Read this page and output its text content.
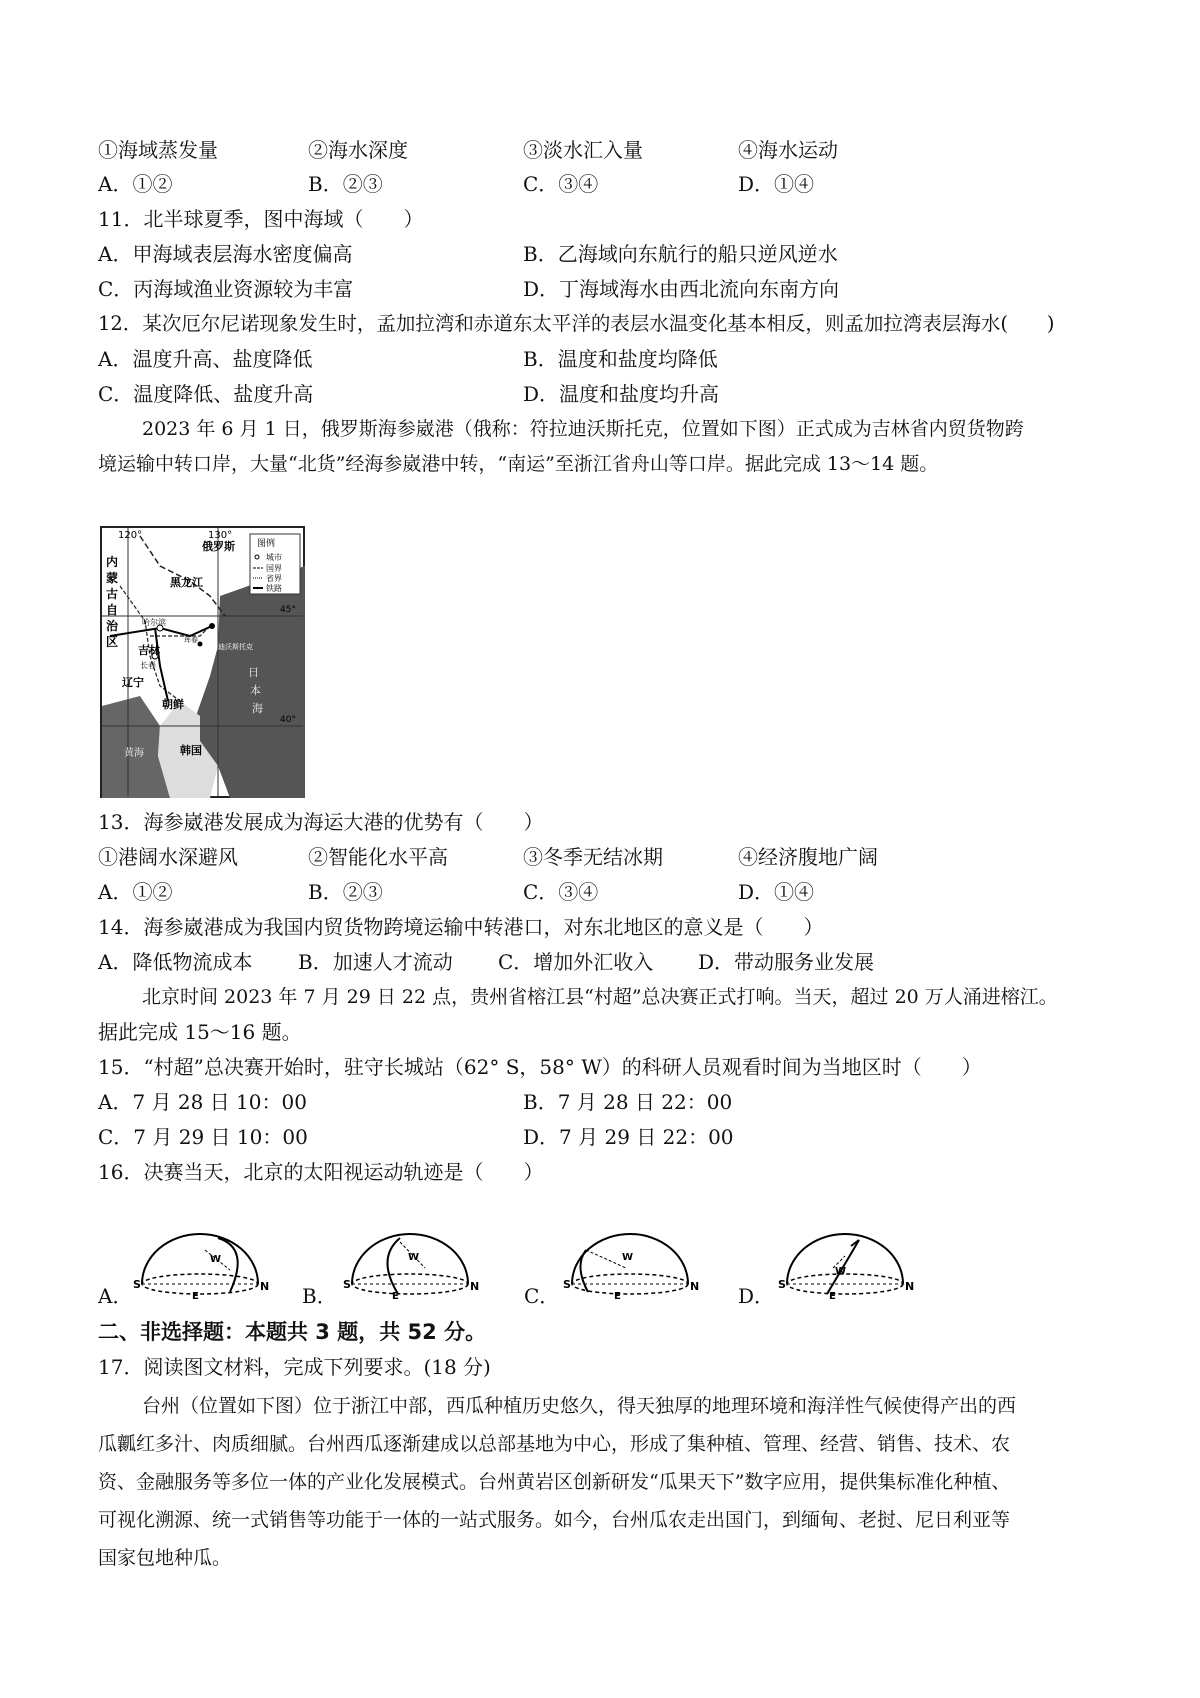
①海域蒸发量	②海水深度	③淡水汇入量	④海水运动
A．①②	B．②③	C．③④	D．①④
11．北半球夏季，图中海域（　　）
A．甲海域表层海水密度偏高	B．乙海域向东航行的船只逆风逆水
C．丙海域渔业资源较为丰富	D．丁海域海水由西北流向东南方向
12．某次厄尔尼诺现象发生时，孟加拉湾和赤道东太平洋的表层水温变化基本相反，则孟加拉湾表层海水(　　)
A．温度升高、盐度降低	B．温度和盐度均降低
C．温度降低、盐度升高	D．温度和盐度均升高
2023 年 6 月 1 日，俄罗斯海参崴港（俄称：符拉迪沃斯托克，位置如下图）正式成为吉林省内贸货物跨
境运输中转口岸，大量“北货”经海参崴港中转，“南运”至浙江省舟山等口岸。据此完成 13～14 题。
图例
城市
国界
省界
铁路
120°	130°
45°
40°
俄罗斯
内
蒙
古
自
治
区
黑龙江
吉林
辽宁
朝鲜
韩国
黄海
日
本
海
哈尔滨
长春
符拉迪沃斯托克
珲春
13．海参崴港发展成为海运大港的优势有（　　）
①港阔水深避风	②智能化水平高	③冬季无结冰期	④经济腹地广阔
A．①②	B．②③	C．③④	D．①④
14．海参崴港成为我国内贸货物跨境运输中转港口，对东北地区的意义是（　　）
A．降低物流成本 B．加速人才流动 C．增加外汇收入 D．带动服务业发展
北京时间 2023 年 7 月 29 日 22 点，贵州省榕江县“村超”总决赛正式打响。当天，超过 20 万人涌进榕江。
据此完成 15～16 题。
15．“村超”总决赛开始时，驻守长城站（62° S，58° W）的科研人员观看时间为当地区时（　　）
A．7 月 28 日 10：00	B．7 月 28 日 22：00
C．7 月 29 日 10：00	D．7 月 29 日 22：00
16．决赛当天，北京的太阳视运动轨迹是（　　）
A． S	N
W
E	B． S	N
W
E	C． S	N
W
E	D． S	N
W
E
二、非选择题：本题共 3 题，共 52 分。
17．阅读图文材料，完成下列要求。(18 分)
台州（位置如下图）位于浙江中部，西瓜种植历史悠久，得天独厚的地理环境和海洋性气候使得产出的西
瓜瓤红多汁、肉质细腻。台州西瓜逐渐建成以总部基地为中心，形成了集种植、管理、经营、销售、技术、农
资、金融服务等多位一体的产业化发展模式。台州黄岩区创新研发“瓜果天下”数字应用，提供集标准化种植、
可视化溯源、统一式销售等功能于一体的一站式服务。如今，台州瓜农走出国门，到缅甸、老挝、尼日利亚等
国家包地种瓜。
